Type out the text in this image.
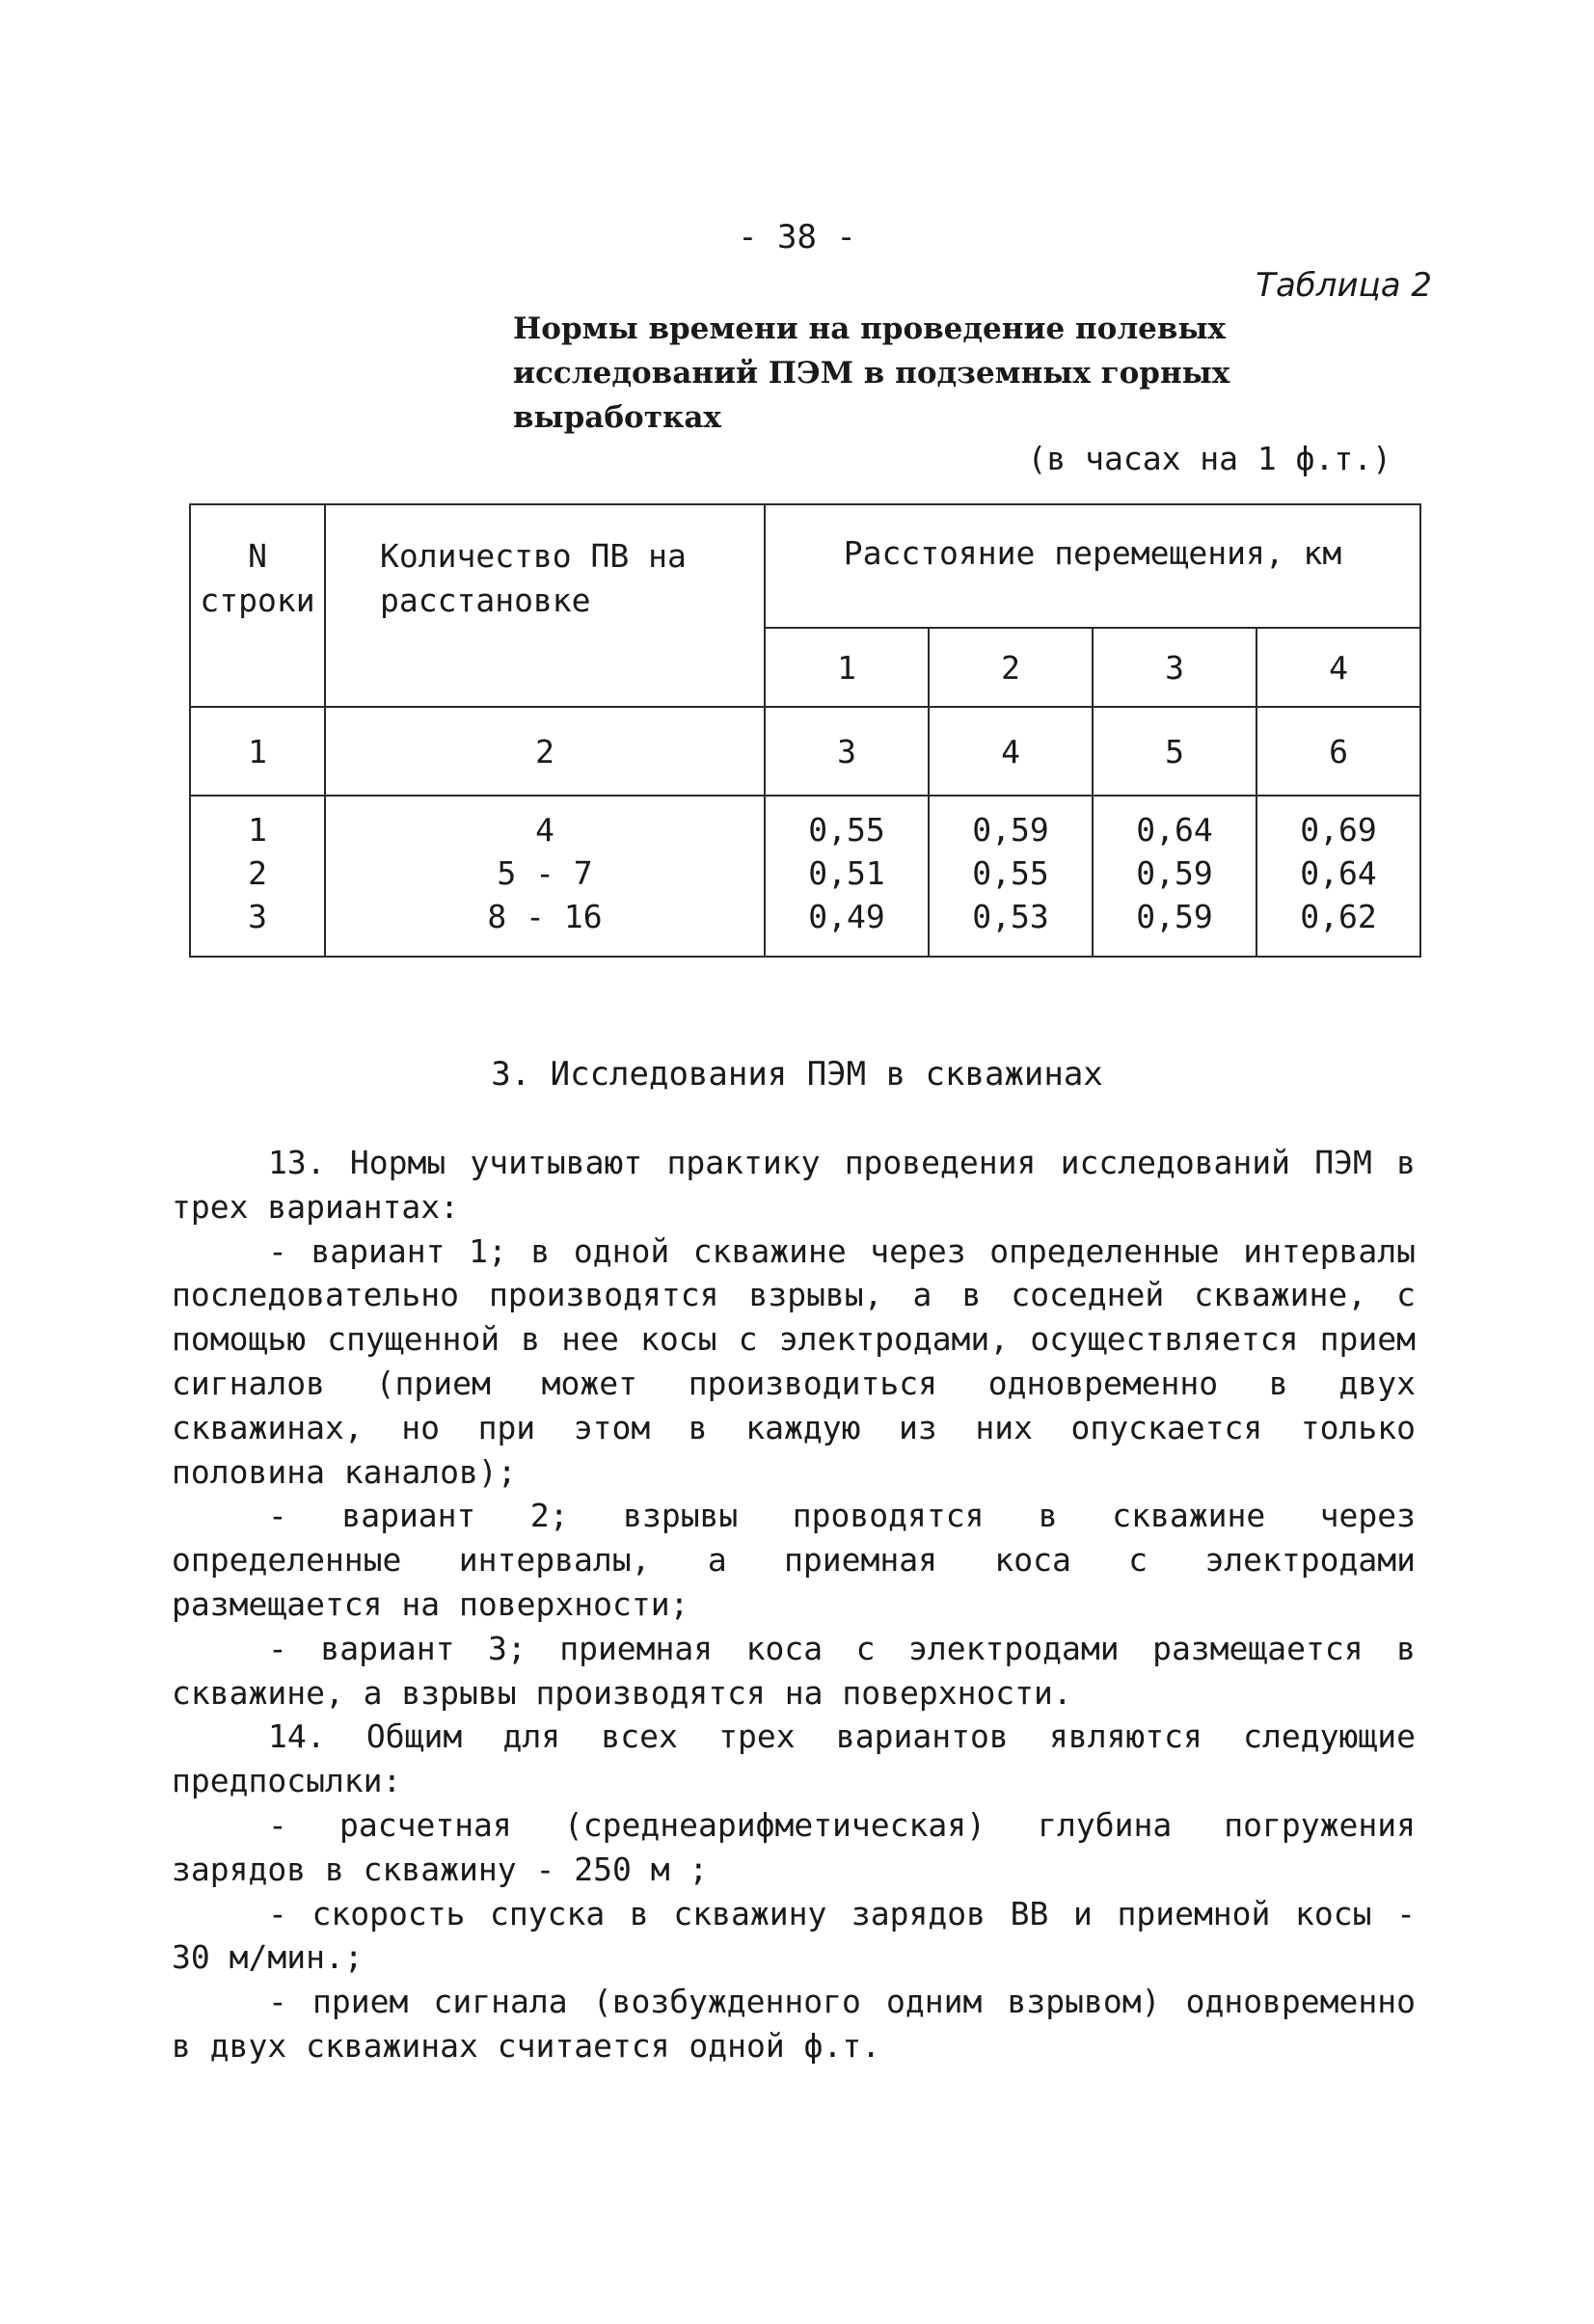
- 38 -
Таблица 2
Нормы времени на проведение полевых исследований ПЭМ в подземных горных выработках
(в часах на 1 ф.т.)
N
строки	Количество ПВ на расстановке	Расстояние перемещения, км			
		1	2	3	4
1	2	3	4	5	6
1	4	0,55	0,59	0,64	0,69
2	5 - 7	0,51	0,55	0,59	0,64
3	8 - 16	0,49	0,53	0,59	0,62
3. Исследования ПЭМ в скважинах

13. Нормы учитывают практику проведения исследований ПЭМ в трех вариантах:

- вариант 1; в одной скважине через определенные интервалы последовательно производятся взрывы, а в соседней скважине, с помощью спущенной в нее косы с электродами, осуществляется прием сигналов (прием может производиться одновременно в двух скважинах, но при этом в каждую из них опускается только половина каналов);

- вариант 2; взрывы проводятся в скважине через определенные интервалы, а приемная коса с электродами размещается на поверхности;

- вариант 3; приемная коса с электродами размещается в скважине, а взрывы производятся на поверхности.

14. Общим для всех трех вариантов являются следующие предпосылки:

- расчетная (среднеарифметическая) глубина погружения зарядов в скважину - 250 м ;

- скорость спуска в скважину зарядов ВВ и приемной косы - 30 м/мин.;

- прием сигнала (возбужденного одним взрывом) одновременно в двух скважинах считается одной ф.т.
